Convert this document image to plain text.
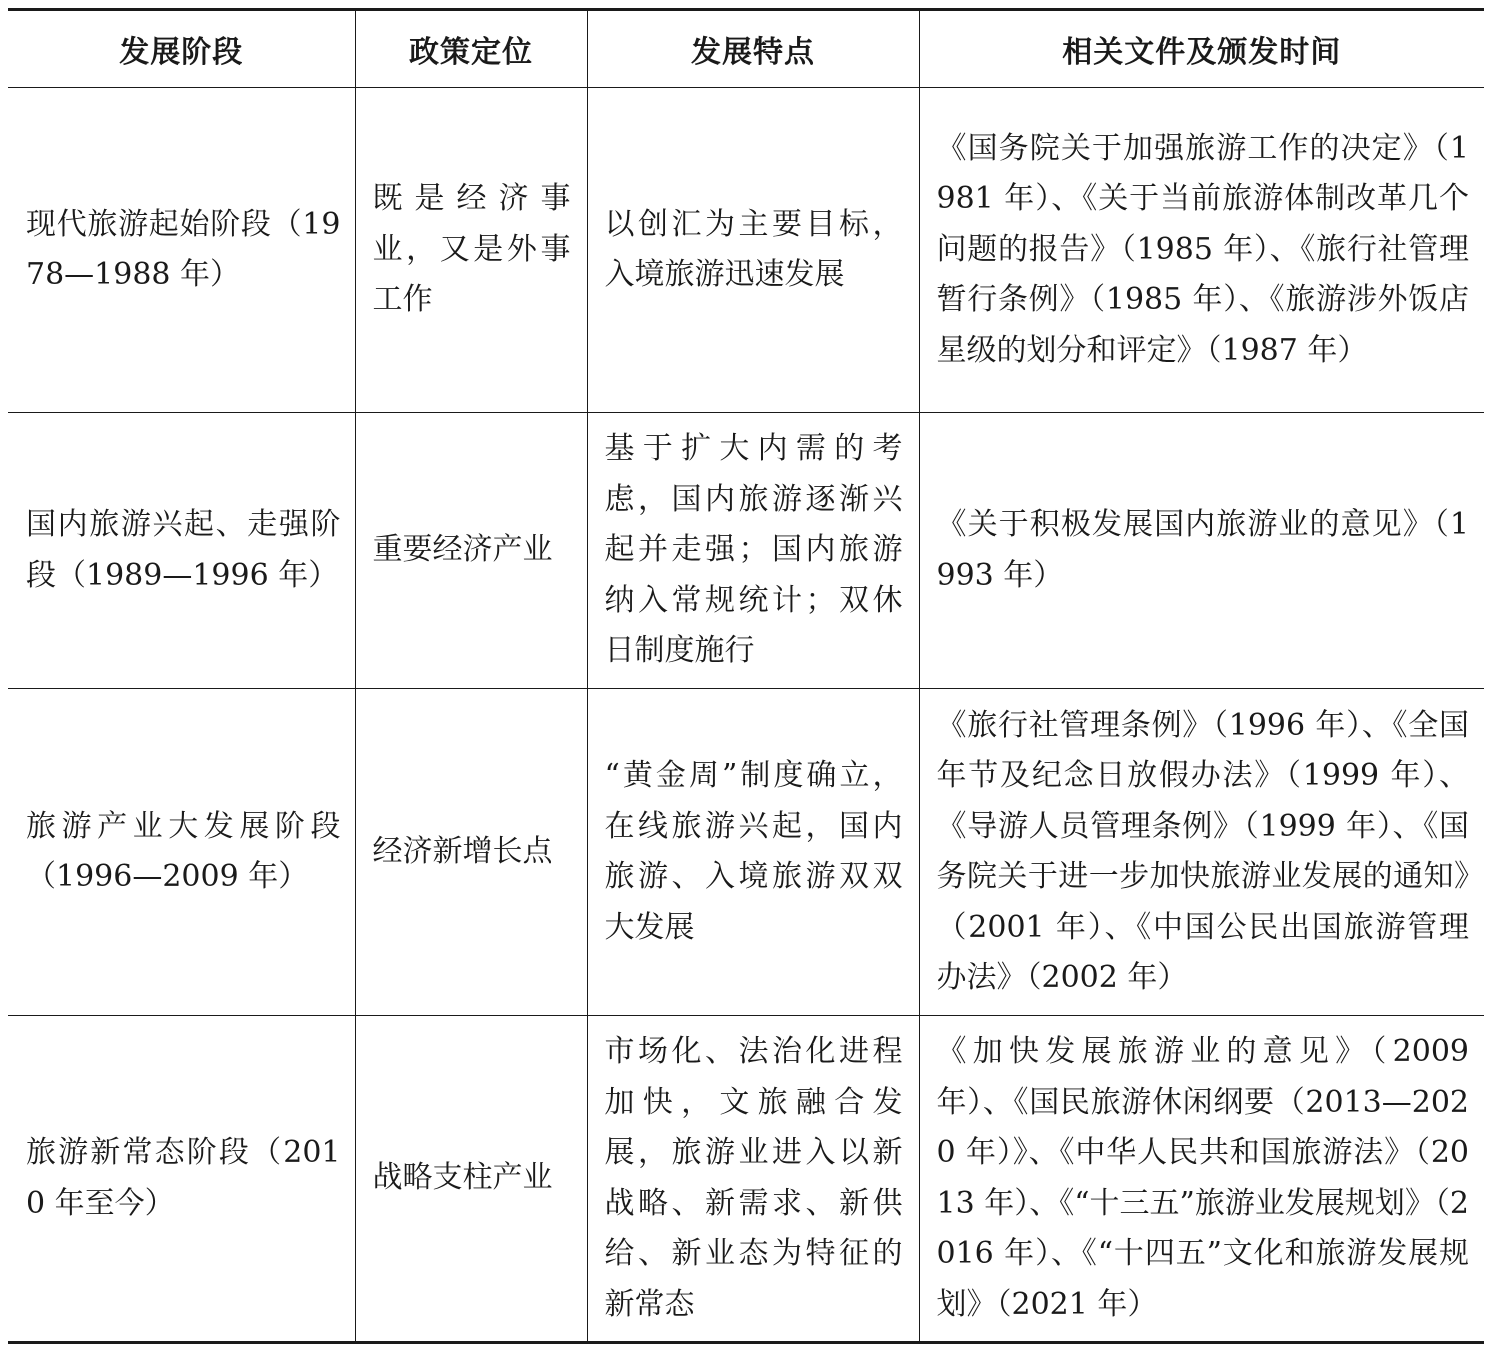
发展阶段	政策定位	发展特点	相关文件及颁发时间
现代旅游起始阶段（1978—1988 年）	既是经济事业，又是外事工作	以创汇为主要目标，入境旅游迅速发展	《国务院关于加强旅游工作的决定》（1981 年）、《关于当前旅游体制改革几个问题的报告》（1985 年）、《旅行社管理暂行条例》（1985 年）、《旅游涉外饭店星级的划分和评定》（1987 年）
国内旅游兴起、走强阶段（1989—1996 年）	重要经济产业	基于扩大内需的考虑，国内旅游逐渐兴起并走强；国内旅游纳入常规统计；双休日制度施行	《关于积极发展国内旅游业的意见》（1993 年）
旅游产业大发展阶段（1996—2009 年）	经济新增长点	“黄金周”制度确立，在线旅游兴起，国内旅游、入境旅游双双大发展	《旅行社管理条例》（1996 年）、《全国年节及纪念日放假办法》（1999 年）、《导游人员管理条例》（1999 年）、《国务院关于进一步加快旅游业发展的通知》（2001 年）、《中国公民出国旅游管理办法》（2002 年）
旅游新常态阶段（2010 年至今）	战略支柱产业	市场化、法治化进程加快，文旅融合发展，旅游业进入以新战略、新需求、新供给、新业态为特征的新常态	《加快发展旅游业的意见》（2009 年）、《国民旅游休闲纲要（2013—2020 年）》、《中华人民共和国旅游法》（2013 年）、《“十三五”旅游业发展规划》（2016 年）、《“十四五”文化和旅游发展规划》（2021 年）
